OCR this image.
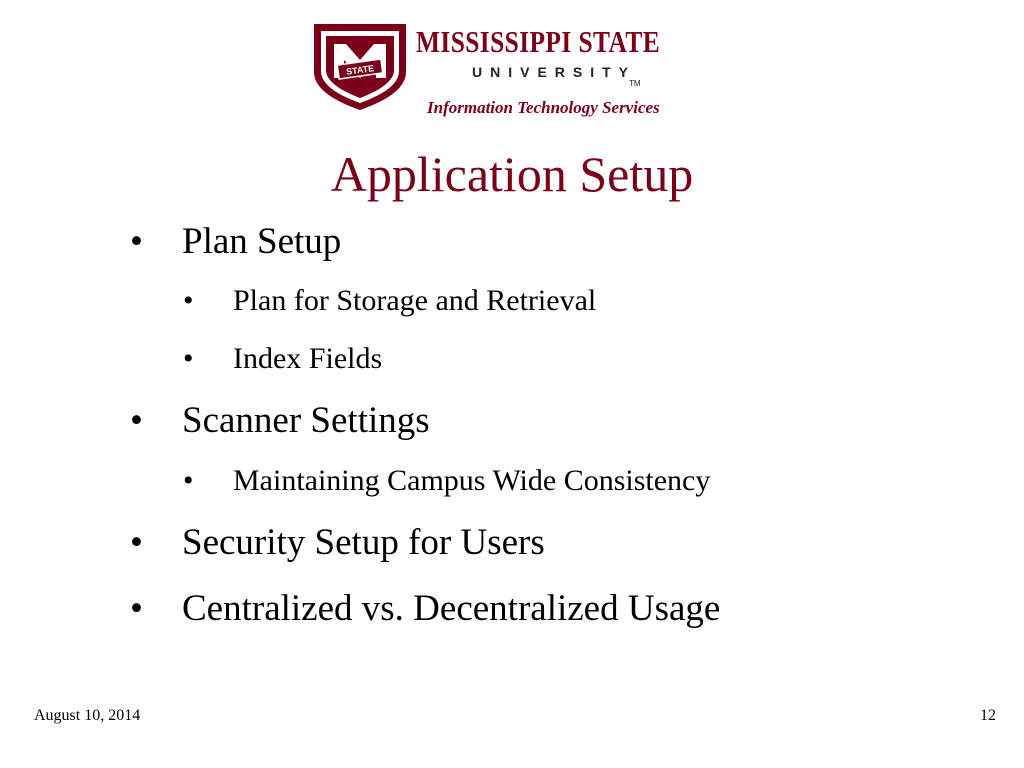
STATE
MISSISSIPPI STATE
UNIVERSITY
TM
Information Technology Services
Application Setup
• Plan Setup
• Plan for Storage and Retrieval
• Index Fields
• Scanner Settings
• Maintaining Campus Wide Consistency
• Security Setup for Users
• Centralized vs. Decentralized Usage
August 10, 2014	12
